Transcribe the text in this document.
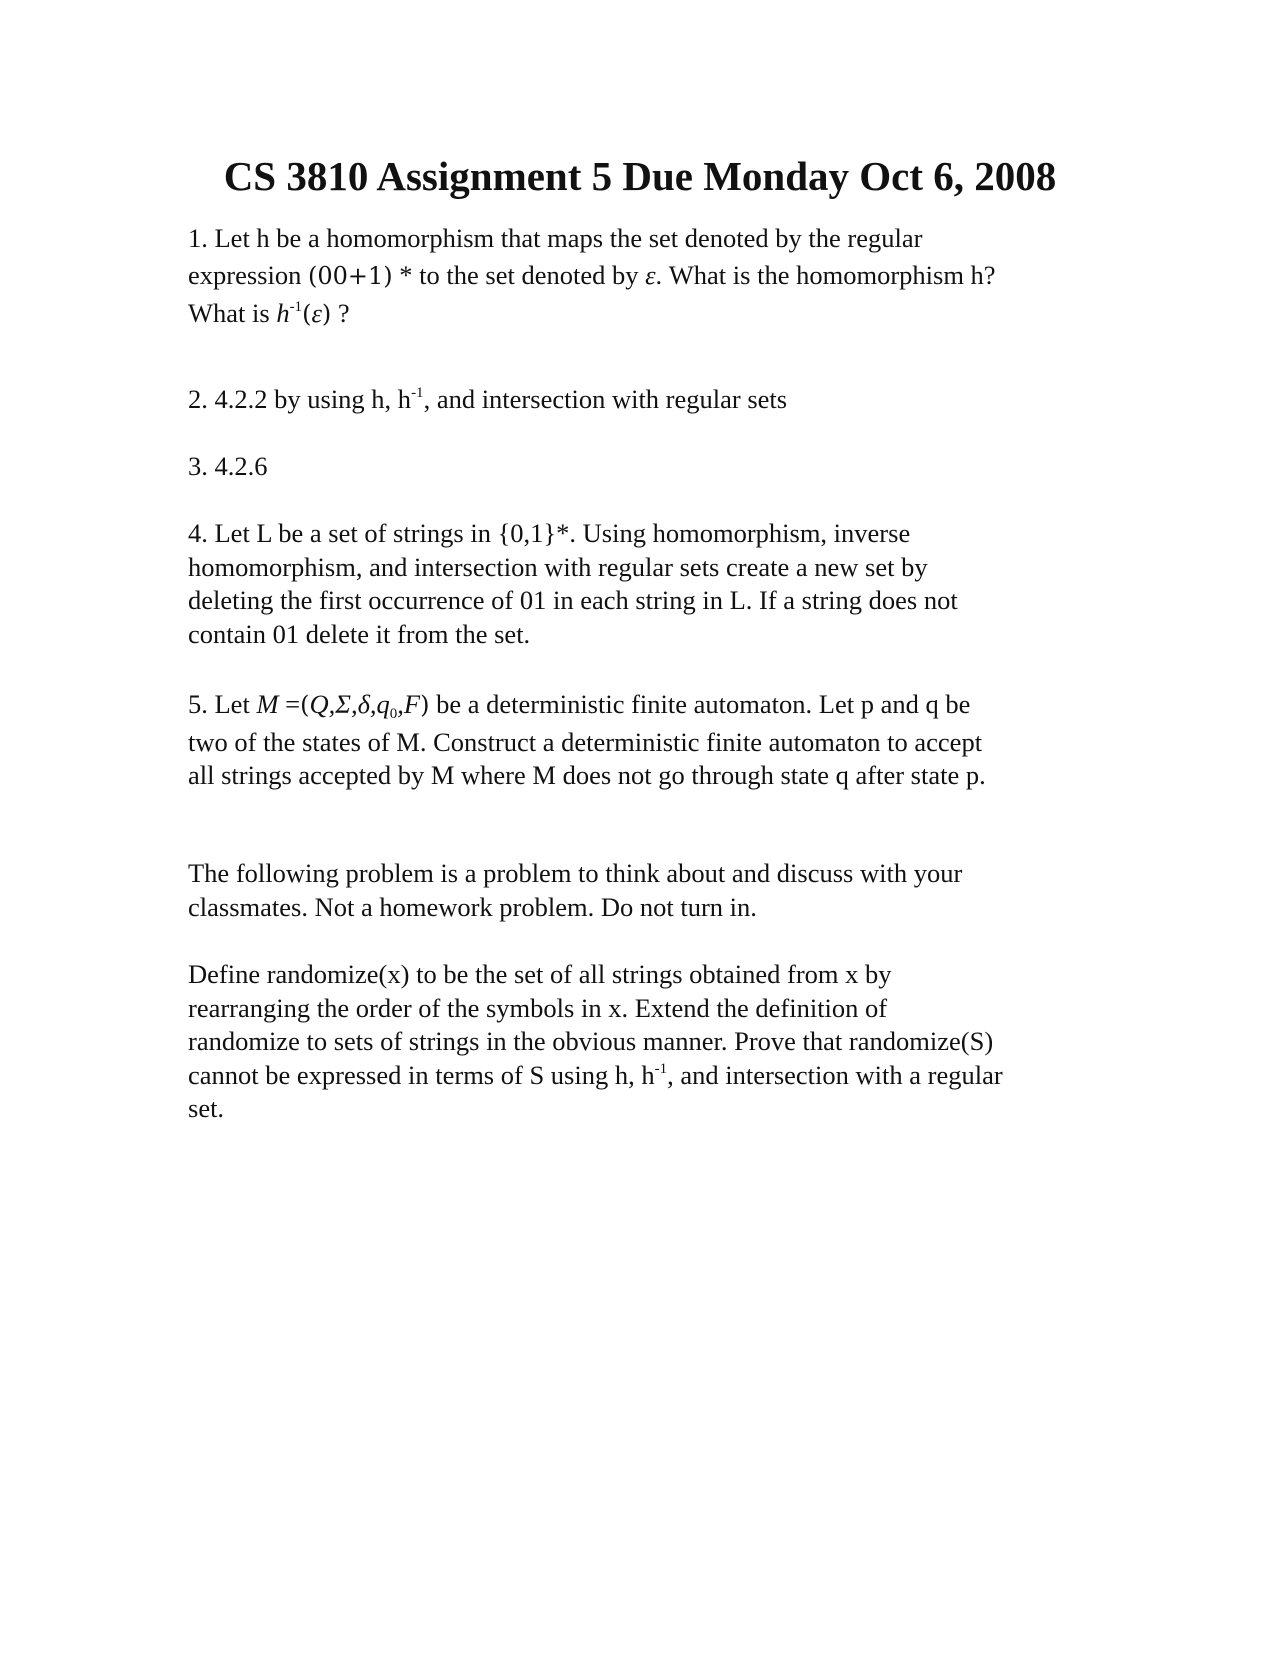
CS 3810 Assignment 5 Due Monday Oct 6, 2008
1. Let h be a homomorphism that maps the set denoted by the regular
expression (00+1) * to the set denoted by ε. What is the homomorphism h?
What is $h^{-1}(\varepsilon)$ ?
2. 4.2.2 by using h, $h^{-1}$, and intersection with regular sets
3. 4.2.6
4. Let L be a set of strings in {0,1}*. Using homomorphism, inverse
homomorphism, and intersection with regular sets create a new set by
deleting the first occurrence of 01 in each string in L. If a string does not
contain 01 delete it from the set.
5. Let $M =(Q,\Sigma,\delta,q_0,F)$ be a deterministic finite automaton. Let p and q be
two of the states of M. Construct a deterministic finite automaton to accept
all strings accepted by M where M does not go through state q after state p.
The following problem is a problem to think about and discuss with your
classmates. Not a homework problem. Do not turn in.
Define randomize(x) to be the set of all strings obtained from x by
rearranging the order of the symbols in x. Extend the definition of
randomize to sets of strings in the obvious manner. Prove that randomize(S)
cannot be expressed in terms of S using h, $h^{-1}$, and intersection with a regular
set.
